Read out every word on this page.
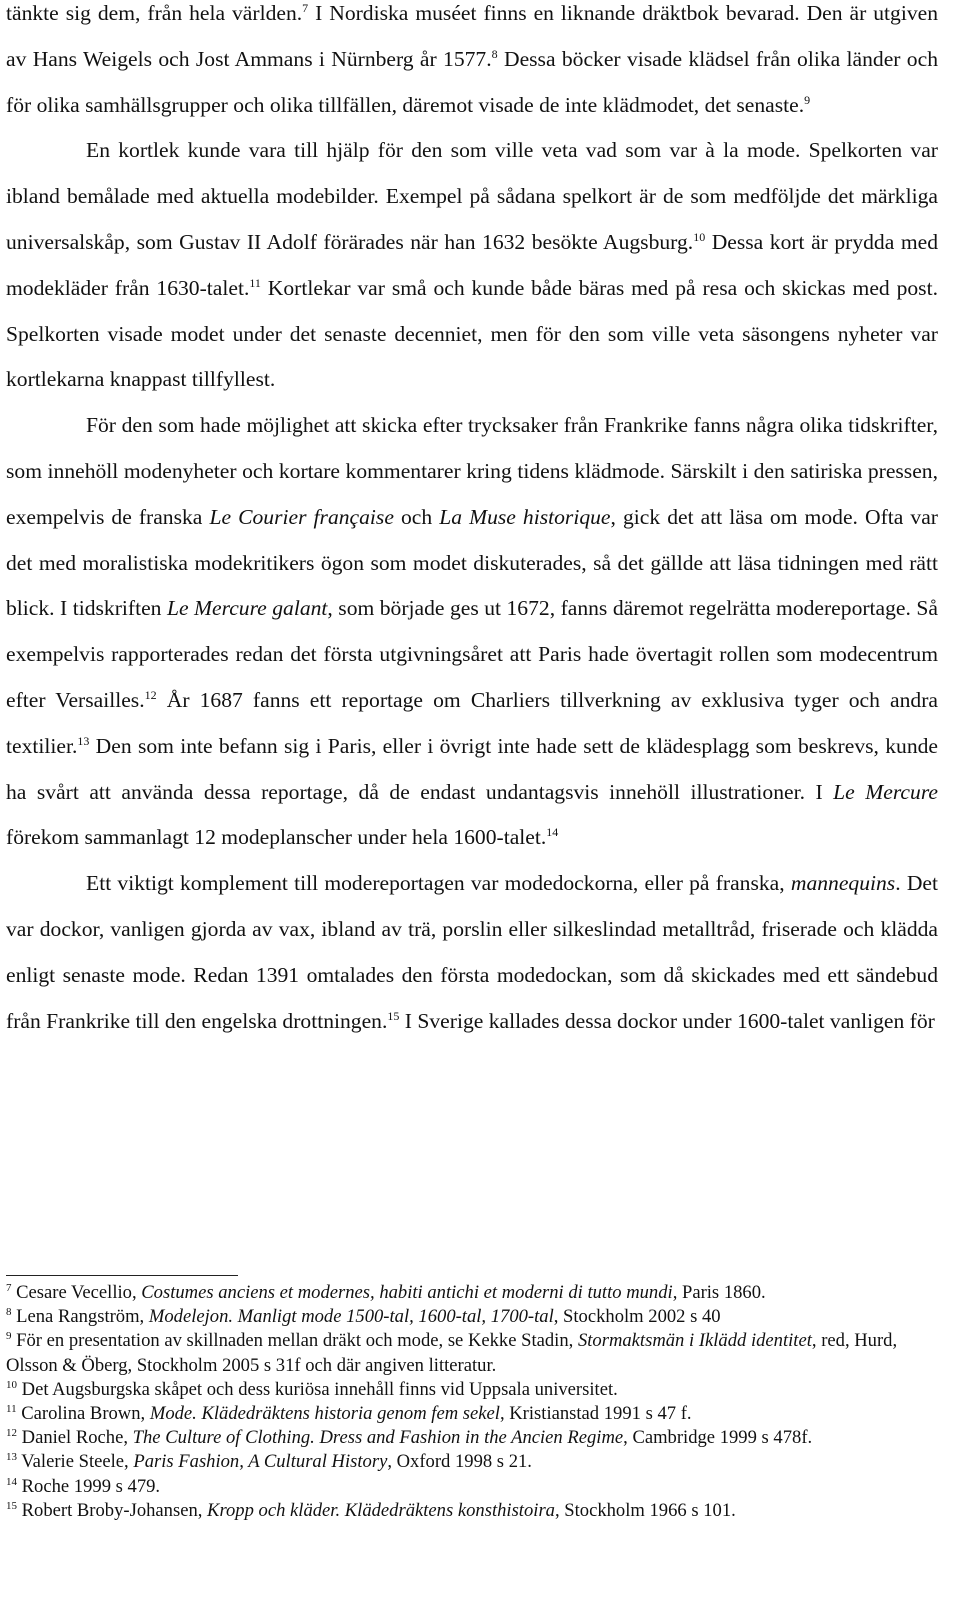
tänkte sig dem, från hela världen.$^7$ I Nordiska muséet finns en liknande dräktbok bevarad. Den är utgiven av Hans Weigels och Jost Ammans i Nürnberg år 1577.$^8$ Dessa böcker visade klädsel från olika länder och för olika samhällsgrupper och olika tillfällen, däremot visade de inte klädmodet, det senaste.$^9$

En kortlek kunde vara till hjälp för den som ville veta vad som var à la mode. Spelkorten var ibland bemålade med aktuella modebilder. Exempel på sådana spelkort är de som medföljde det märkliga universalskåp, som Gustav II Adolf förärades när han 1632 besökte Augsburg.$^{10}$ Dessa kort är prydda med modekläder från 1630-talet.$^{11}$ Kortlekar var små och kunde både bäras med på resa och skickas med post. Spelkorten visade modet under det senaste decenniet, men för den som ville veta säsongens nyheter var kortlekarna knappast tillfyllest.

För den som hade möjlighet att skicka efter trycksaker från Frankrike fanns några olika tidskrifter, som innehöll modenyheter och kortare kommentarer kring tidens klädmode. Särskilt i den satiriska pressen, exempelvis de franska Le Courier française och La Muse historique, gick det att läsa om mode. Ofta var det med moralistiska modekritikers ögon som modet diskuterades, så det gällde att läsa tidningen med rätt blick. I tidskriften Le Mercure galant, som började ges ut 1672, fanns däremot regelrätta modereportage. Så exempelvis rapporterades redan det första utgivningsåret att Paris hade övertagit rollen som modecentrum efter Versailles.$^{12}$ År 1687 fanns ett reportage om Charliers tillverkning av exklusiva tyger och andra textilier.$^{13}$ Den som inte befann sig i Paris, eller i övrigt inte hade sett de klädesplagg som beskrevs, kunde ha svårt att använda dessa reportage, då de endast undantagsvis innehöll illustrationer. I Le Mercure förekom sammanlagt 12 modeplanscher under hela 1600-talet.$^{14}$

Ett viktigt komplement till modereportagen var modedockorna, eller på franska, mannequins. Det var dockor, vanligen gjorda av vax, ibland av trä, porslin eller silkeslindad metalltråd, friserade och klädda enligt senaste mode. Redan 1391 omtalades den första modedockan, som då skickades med ett sändebud från Frankrike till den engelska drottningen.$^{15}$ I Sverige kallades dessa dockor under 1600-talet vanligen för

$^7$ Cesare Vecellio, Costumes anciens et modernes, habiti antichi et moderni di tutto mundi, Paris 1860.

$^8$ Lena Rangström, Modelejon. Manligt mode 1500-tal, 1600-tal, 1700-tal, Stockholm 2002 s 40

$^9$ För en presentation av skillnaden mellan dräkt och mode, se Kekke Stadin, Stormaktsmän i Iklädd identitet, red, Hurd, Olsson & Öberg, Stockholm 2005 s 31f och där angiven litteratur.

$^{10}$ Det Augsburgska skåpet och dess kuriösa innehåll finns vid Uppsala universitet.

$^{11}$ Carolina Brown, Mode. Klädedräktens historia genom fem sekel, Kristianstad 1991 s 47 f.

$^{12}$ Daniel Roche, The Culture of Clothing. Dress and Fashion in the Ancien Regime, Cambridge 1999 s 478f.

$^{13}$ Valerie Steele, Paris Fashion, A Cultural History, Oxford 1998 s 21.

$^{14}$ Roche 1999 s 479.

$^{15}$ Robert Broby-Johansen, Kropp och kläder. Klädedräktens konsthistoira, Stockholm 1966 s 101.
